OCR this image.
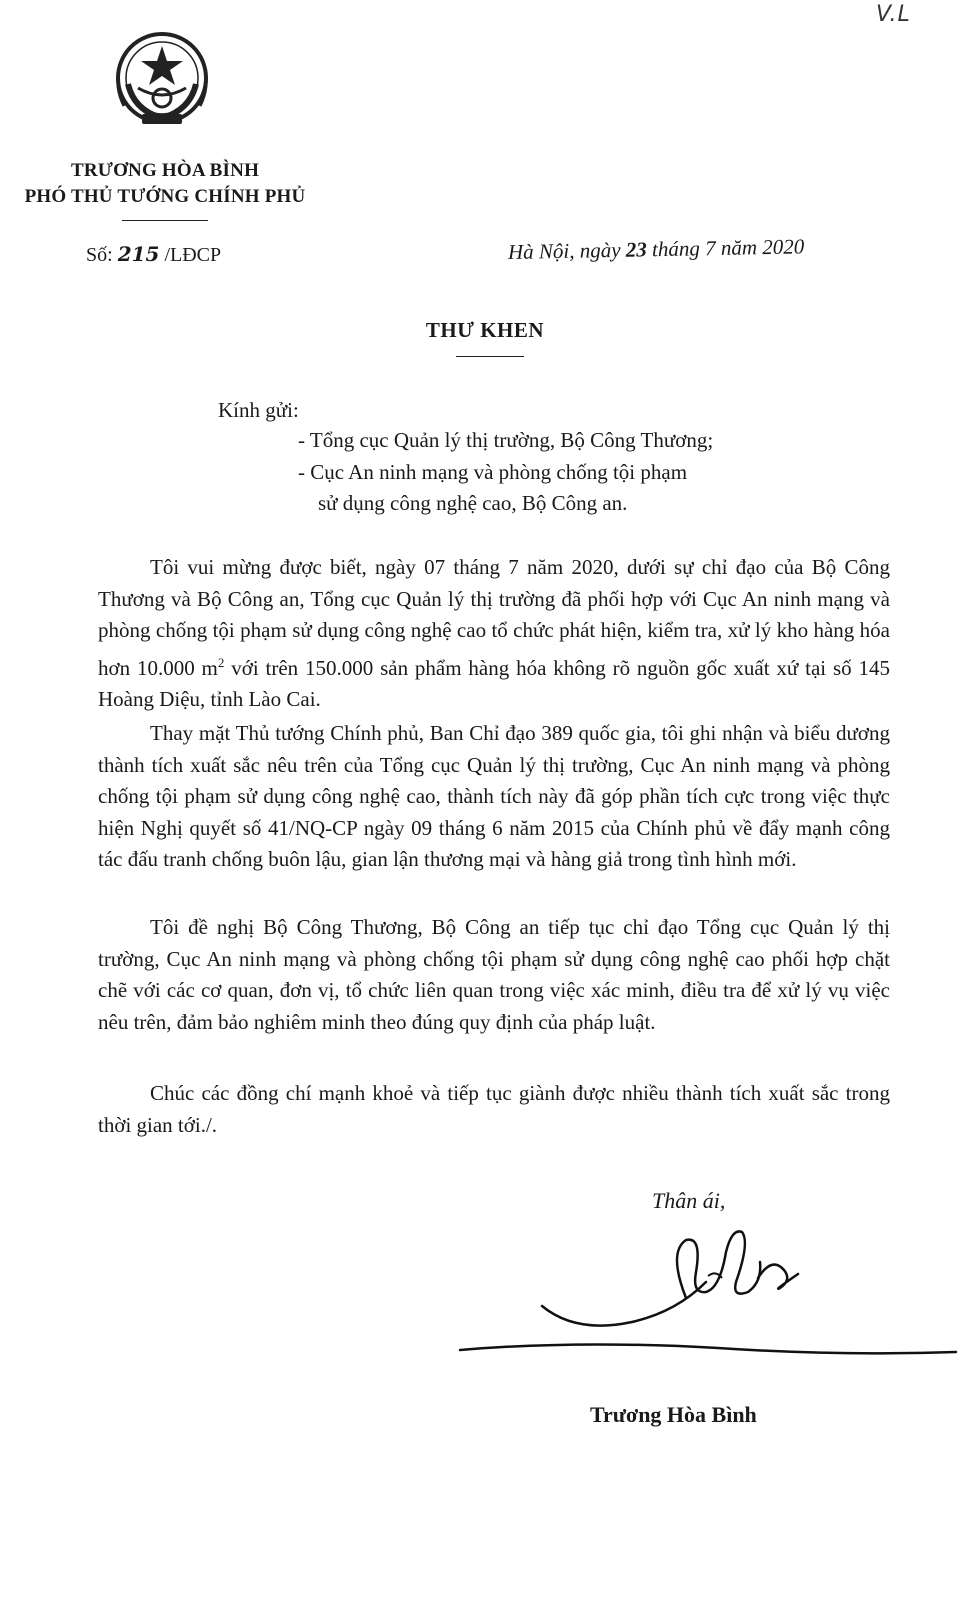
V.L
TRƯƠNG HÒA BÌNH
PHÓ THỦ TƯỚNG CHÍNH PHỦ
Số: 215 /LĐCP	Hà Nội, ngày 23 tháng 7 năm 2020
THƯ KHEN
Kính gửi:
- Tổng cục Quản lý thị trường, Bộ Công Thương;
- Cục An ninh mạng và phòng chống tội phạm
sử dụng công nghệ cao, Bộ Công an.
Tôi vui mừng được biết, ngày 07 tháng 7 năm 2020, dưới sự chỉ đạo của Bộ Công Thương và Bộ Công an, Tổng cục Quản lý thị trường đã phối hợp với Cục An ninh mạng và phòng chống tội phạm sử dụng công nghệ cao tổ chức phát hiện, kiểm tra, xử lý kho hàng hóa hơn 10.000 $m^2$ với trên 150.000 sản phẩm hàng hóa không rõ nguồn gốc xuất xứ tại số 145 Hoàng Diệu, tỉnh Lào Cai.
Thay mặt Thủ tướng Chính phủ, Ban Chỉ đạo 389 quốc gia, tôi ghi nhận và biểu dương thành tích xuất sắc nêu trên của Tổng cục Quản lý thị trường, Cục An ninh mạng và phòng chống tội phạm sử dụng công nghệ cao, thành tích này đã góp phần tích cực trong việc thực hiện Nghị quyết số 41/NQ-CP ngày 09 tháng 6 năm 2015 của Chính phủ về đẩy mạnh công tác đấu tranh chống buôn lậu, gian lận thương mại và hàng giả trong tình hình mới.
Tôi đề nghị Bộ Công Thương, Bộ Công an tiếp tục chỉ đạo Tổng cục Quản lý thị trường, Cục An ninh mạng và phòng chống tội phạm sử dụng công nghệ cao phối hợp chặt chẽ với các cơ quan, đơn vị, tổ chức liên quan trong việc xác minh, điều tra để xử lý vụ việc nêu trên, đảm bảo nghiêm minh theo đúng quy định của pháp luật.
Chúc các đồng chí mạnh khoẻ và tiếp tục giành được nhiều thành tích xuất sắc trong thời gian tới./.
Thân ái,
Trương Hòa Bình
